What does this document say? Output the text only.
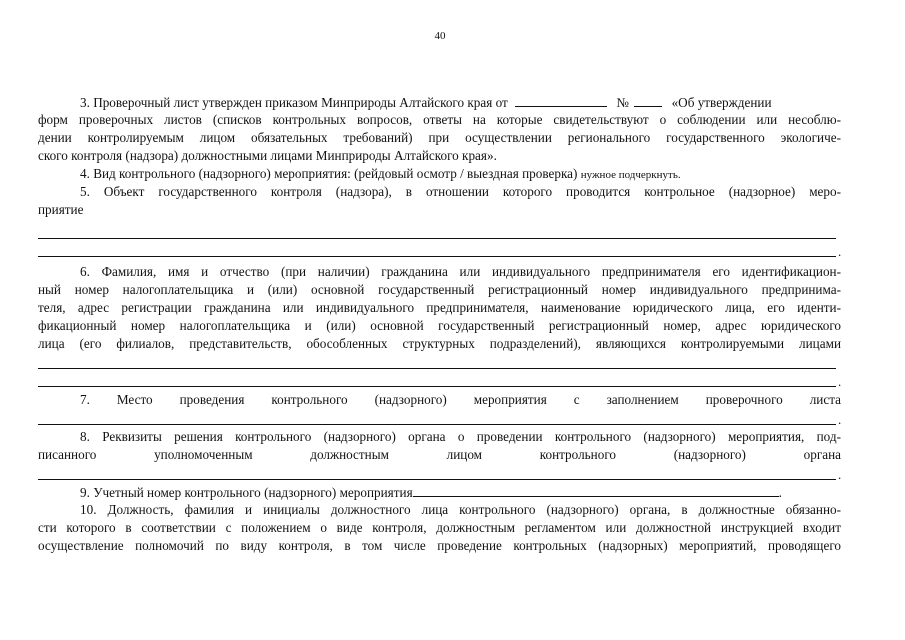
40
3. Проверочный лист утвержден приказом Минприроды Алтайского края от	№	«Об утверждении
форм проверочных листов (списков контрольных вопросов, ответы на которые свидетельствуют о соблюдении или несоблю-
дении контролируемым лицом обязательных требований) при осуществлении регионального государственного экологиче-
ского контроля (надзора) должностными лицами Минприроды Алтайского края».
4. Вид контрольного (надзорного) мероприятия: (рейдовый осмотр / выездная проверка) нужное подчеркнуть.
5. Объект государственного контроля (надзора), в отношении которого проводится контрольное (надзорное) меро-
приятие
.
6. Фамилия, имя и отчество (при наличии) гражданина или индивидуального предпринимателя его идентификацион-
ный номер налогоплательщика и (или) основной государственный регистрационный номер индивидуального предпринима-
теля, адрес регистрации гражданина или индивидуального предпринимателя, наименование юридического лица, его иденти-
фикационный номер налогоплательщика и (или) основной государственный регистрационный номер, адрес юридического
лица (его филиалов, представительств, обособленных структурных подразделений), являющихся контролируемыми лицами
.
7. Место проведения контрольного (надзорного) мероприятия с заполнением проверочного листа
.
8. Реквизиты решения контрольного (надзорного) органа о проведении контрольного (надзорного) мероприятия, под-
писанного уполномоченным должностным лицом контрольного (надзорного) органа
.
9. Учетный номер контрольного (надзорного) мероприятия	.
10. Должность, фамилия и инициалы должностного лица контрольного (надзорного) органа, в должностные обязанно-
сти которого в соответствии с положением о виде контроля, должностным регламентом или должностной инструкцией входит
осуществление полномочий по виду контроля, в том числе проведение контрольных (надзорных) мероприятий, проводящего
